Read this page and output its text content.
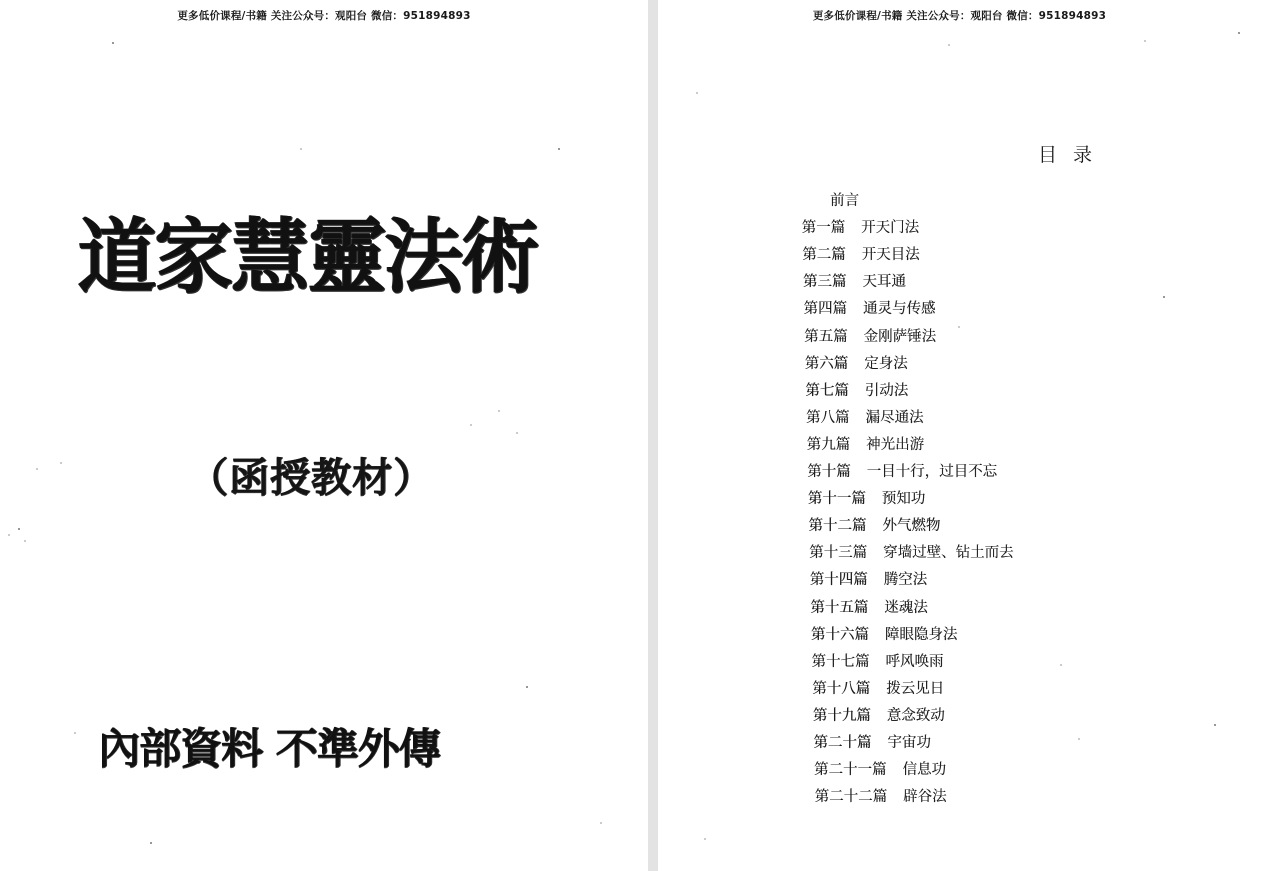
更多低价课程/书籍 关注公众号：观阳台 微信：951894893
道家慧靈法術
（函授教材）
內部資料 不準外傳
更多低价课程/书籍 关注公众号：观阳台 微信：951894893
目录
前言
第一篇 开天门法
第二篇 开天目法
第三篇 天耳通
第四篇 通灵与传感
第五篇 金刚萨锤法
第六篇 定身法
第七篇 引动法
第八篇 漏尽通法
第九篇 神光出游
第十篇 一目十行，过目不忘
第十一篇 预知功
第十二篇 外气燃物
第十三篇 穿墙过壁、钻土而去
第十四篇 腾空法
第十五篇 迷魂法
第十六篇 障眼隐身法
第十七篇 呼风唤雨
第十八篇 拨云见日
第十九篇 意念致动
第二十篇 宇宙功
第二十一篇 信息功
第二十二篇 辟谷法
